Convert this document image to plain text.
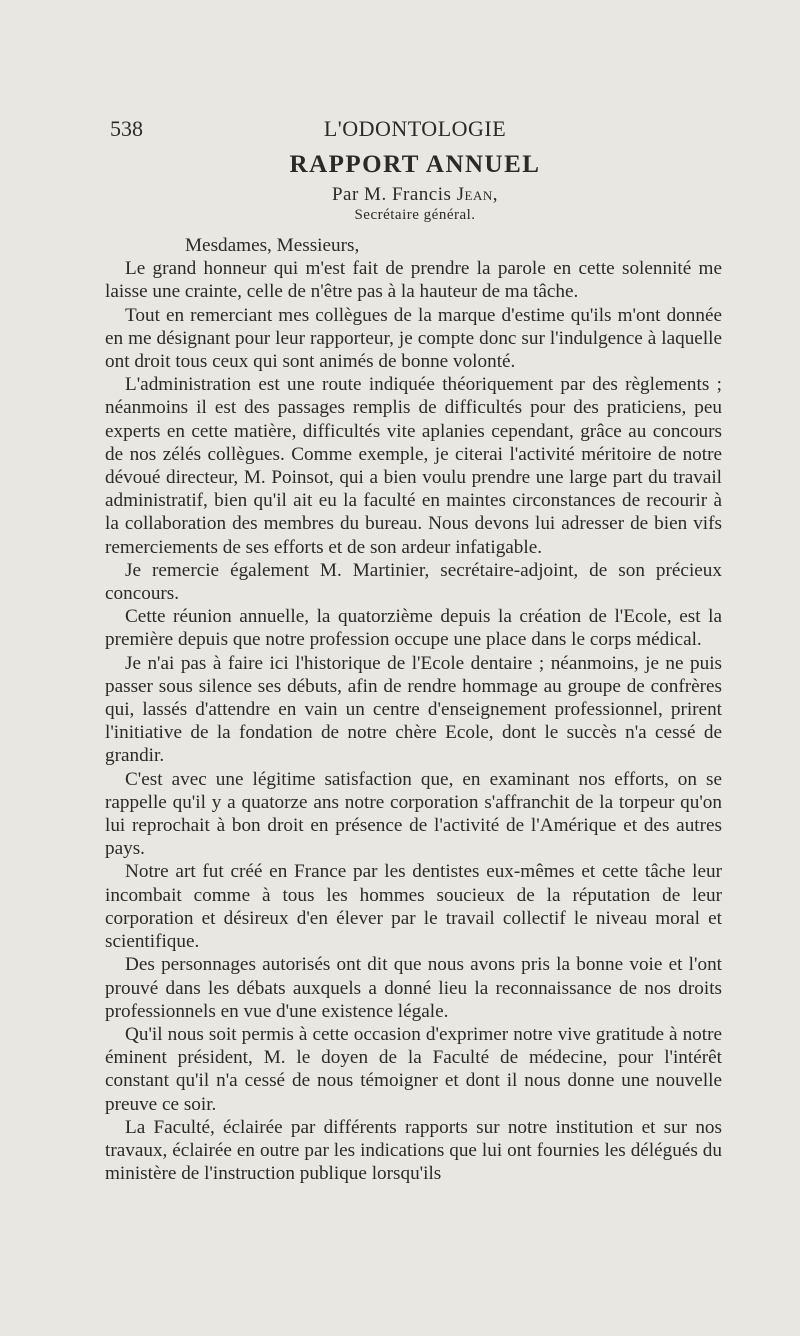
538	L'ODONTOLOGIE
RAPPORT ANNUEL
Par M. Francis Jean,
Secrétaire général.

Mesdames, Messieurs,

Le grand honneur qui m'est fait de prendre la parole en cette solennité me laisse une crainte, celle de n'être pas à la hauteur de ma tâche.

Tout en remerciant mes collègues de la marque d'estime qu'ils m'ont donnée en me désignant pour leur rapporteur, je compte donc sur l'indulgence à laquelle ont droit tous ceux qui sont animés de bonne volonté.

L'administration est une route indiquée théoriquement par des règlements ; néanmoins il est des passages remplis de difficultés pour des praticiens, peu experts en cette matière, difficultés vite aplanies cependant, grâce au concours de nos zélés collègues. Comme exemple, je citerai l'activité méritoire de notre dévoué directeur, M. Poinsot, qui a bien voulu prendre une large part du travail administratif, bien qu'il ait eu la faculté en maintes circonstances de recourir à la collaboration des membres du bureau. Nous devons lui adresser de bien vifs remerciements de ses efforts et de son ardeur infatigable.

Je remercie également M. Martinier, secrétaire-adjoint, de son précieux concours.

Cette réunion annuelle, la quatorzième depuis la création de l'Ecole, est la première depuis que notre profession occupe une place dans le corps médical.

Je n'ai pas à faire ici l'historique de l'Ecole dentaire ; néanmoins, je ne puis passer sous silence ses débuts, afin de rendre hommage au groupe de confrères qui, lassés d'attendre en vain un centre d'enseignement professionnel, prirent l'initiative de la fondation de notre chère Ecole, dont le succès n'a cessé de grandir.

C'est avec une légitime satisfaction que, en examinant nos efforts, on se rappelle qu'il y a quatorze ans notre corporation s'affranchit de la torpeur qu'on lui reprochait à bon droit en présence de l'activité de l'Amérique et des autres pays.

Notre art fut créé en France par les dentistes eux-mêmes et cette tâche leur incombait comme à tous les hommes soucieux de la réputation de leur corporation et désireux d'en élever par le travail collectif le niveau moral et scientifique.

Des personnages autorisés ont dit que nous avons pris la bonne voie et l'ont prouvé dans les débats auxquels a donné lieu la reconnaissance de nos droits professionnels en vue d'une existence légale.

Qu'il nous soit permis à cette occasion d'exprimer notre vive gratitude à notre éminent président, M. le doyen de la Faculté de médecine, pour l'intérêt constant qu'il n'a cessé de nous témoigner et dont il nous donne une nouvelle preuve ce soir.

La Faculté, éclairée par différents rapports sur notre institution et sur nos travaux, éclairée en outre par les indications que lui ont fournies les délégués du ministère de l'instruction publique lorsqu'ils
